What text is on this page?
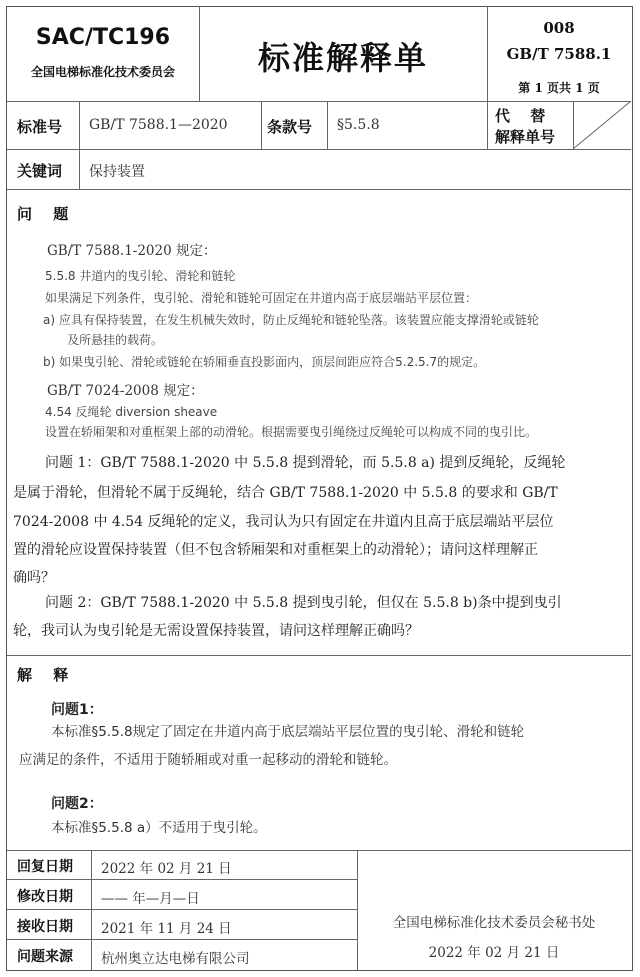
SAC/TC196
全国电梯标准化技术委员会	标准解释单
008
GB/T 7588.1
第 1 页共 1 页
标准号 GB/T 7588.1—2020	条款号 §5.5.8	代　 替
解释单号
关键词 保持装置
问 题
GB/T 7588.1-2020 规定：
5.5.8 井道内的曳引轮、滑轮和链轮
如果满足下列条件，曳引轮、滑轮和链轮可固定在井道内高于底层端站平层位置：
a) 应具有保持装置，在发生机械失效时，防止反绳轮和链轮坠落。该装置应能支撑滑轮或链轮
及所悬挂的载荷。
b) 如果曳引轮、滑轮或链轮在轿厢垂直投影面内，顶层间距应符合5.2.5.7的规定。
GB/T 7024-2008 规定：
4.54 反绳轮 diversion sheave
设置在轿厢架和对重框架上部的动滑轮。根据需要曳引绳绕过反绳轮可以构成不同的曳引比。
问题 1：GB/T 7588.1-2020 中 5.5.8 提到滑轮，而 5.5.8 a) 提到反绳轮，反绳轮
是属于滑轮，但滑轮不属于反绳轮，结合 GB/T 7588.1-2020 中 5.5.8 的要求和 GB/T
7024-2008 中 4.54 反绳轮的定义，我司认为只有固定在井道内且高于底层端站平层位
置的滑轮应设置保持装置（但不包含轿厢架和对重框架上的动滑轮）；请问这样理解正
确吗？
问题 2：GB/T 7588.1-2020 中 5.5.8 提到曳引轮，但仅在 5.5.8 b)条中提到曳引
轮，我司认为曳引轮是无需设置保持装置，请问这样理解正确吗？
解 释
问题1：
本标准§5.5.8规定了固定在井道内高于底层端站平层位置的曳引轮、滑轮和链轮
应满足的条件，不适用于随轿厢或对重一起移动的滑轮和链轮。
问题2：
本标准§5.5.8 a）不适用于曳引轮。
回复日期 2022 年 02 月 21 日
修改日期 —— 年—月—日
接收日期 2021 年 11 月 24 日
问题来源 杭州奥立达电梯有限公司
全国电梯标准化技术委员会秘书处
2022 年 02 月 21 日
